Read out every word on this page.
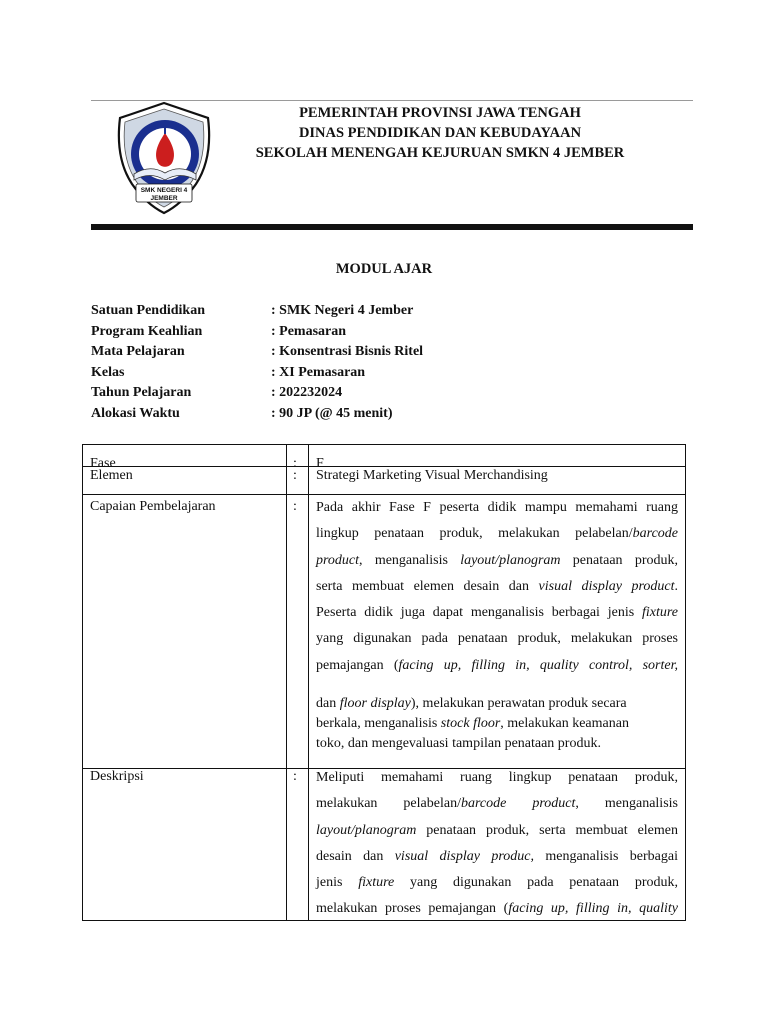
SMK NEGERI 4
JEMBER
PEMERINTAH PROVINSI JAWA TENGAH
DINAS PENDIDIKAN DAN KEBUDAYAAN
SEKOLAH MENENGAH KEJURUAN SMKN 4 JEMBER
MODUL AJAR
Satuan Pendidikan	: SMK Negeri 4 Jember
Program Keahlian	: Pemasaran
Mata Pelajaran	: Konsentrasi Bisnis Ritel
Kelas	: XI Pemasaran
Tahun Pelajaran	: 202232024
Alokasi Waktu	: 90 JP (@ 45 menit)
Fase	: F
Elemen	: Strategi Marketing Visual Merchandising
Capaian Pembelajaran	: Pada akhir Fase F peserta didik mampu memahami ruang
lingkup penataan produk, melakukan pelabelan/barcode
product, menganalisis layout/planogram penataan produk,
serta membuat elemen desain dan visual display product.
Peserta didik juga dapat menganalisis berbagai jenis fixture
yang digunakan pada penataan produk, melakukan proses
pemajangan (facing up, filling in, quality control, sorter,
dan floor display), melakukan perawatan produk secara
berkala, menganalisis stock floor, melakukan keamanan
toko, dan mengevaluasi tampilan penataan produk.
Deskripsi	: Meliputi memahami ruang lingkup penataan produk,
melakukan pelabelan/barcode product, menganalisis
layout/planogram penataan produk, serta membuat elemen
desain dan visual display produc, menganalisis berbagai
jenis fixture yang digunakan pada penataan produk,
melakukan proses pemajangan (facing up, filling in, quality
